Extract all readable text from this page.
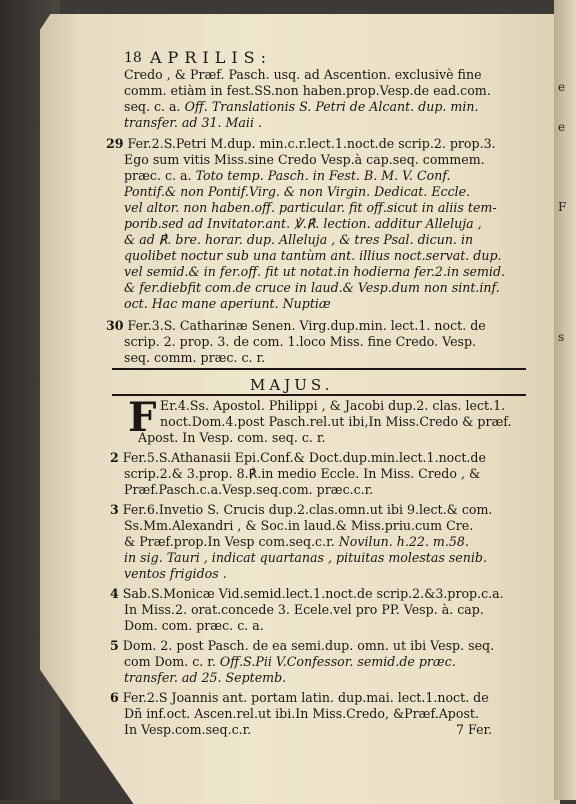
e
e
F
s
18 APRILIS:
MAJUS.
F
7 Fer.
Credo , & Præf. Pasch. usq. ad Ascention. exclusivè fine
comm. etiàm in fest.SS.non haben.prop.Vesp.de ead.com.
seq. c. a. Off. Translationis S. Petri de Alcant. dup. min.
transfer. ad 31. Maii .
29 Fer.2.S.Petri M.dup. min.c.r.lect.1.noct.de scrip.2. prop.3.
Ego sum vitis Miss.sine Credo Vesp.à cap.seq. commem.
præc. c. a. Toto temp. Pasch. in Fest. B. M. V. Conf.
Pontif.& non Pontif.Virg. & non Virgin. Dedicat. Eccle.
vel altor. non haben.off. particular. fit off.sicut in aliis tem-
porib.sed ad Invitator.ant. ℣.℟. lection. additur Alleluja ,
& ad ℟. bre. horar. dup. Alleluja , & tres Psal. dicun. in
quolibet noctur sub una tantùm ant. illius noct.servat. dup.
vel semid.& in fer.off. fit ut notat.in hodierna fer.2.in semid.
& fer.diebfit com.de cruce in laud.& Vesp.dum non sint.inf.
oct. Hac mane aperiunt. Nuptiæ
30 Fer.3.S. Catharinæ Senen. Virg.dup.min. lect.1. noct. de
scrip. 2. prop. 3. de com. 1.loco Miss. fine Credo. Vesp.
seq. comm. præc. c. r.
Er.4.Ss. Apostol. Philippi , & Jacobi dup.2. clas. lect.1.
noct.Dom.4.post Pasch.rel.ut ibi,In Miss.Credo & præf.
Apost. In Vesp. com. seq. c. r.
2 Fer.5.S.Athanasii Epi.Conf.& Doct.dup.min.lect.1.noct.de
scrip.2.& 3.prop. 8.℟.in medio Eccle. In Miss. Credo , &
Præf.Pasch.c.a.Vesp.seq.com. præc.c.r.
3 Fer.6.Invetio S. Crucis dup.2.clas.omn.ut ibi 9.lect.& com.
Ss.Mm.Alexandri , & Soc.in laud.& Miss.priu.cum Cre.
& Præf.prop.In Vesp com.seq.c.r. Novilun. h.22. m.58.
in sig. Tauri , indicat quartanas , pituitas molestas senib.
ventos frigidos .
4 Sab.S.Monicæ Vid.semid.lect.1.noct.de scrip.2.&3.prop.c.a.
In Miss.2. orat.concede 3. Ecele.vel pro PP. Vesp. à. cap.
Dom. com. præc. c. a.
5 Dom. 2. post Pasch. de ea semi.dup. omn. ut ibi Vesp. seq.
com Dom. c. r. Off.S.Pii V.Confessor. semid.de præc.
transfer. ad 25. Septemb.
6 Fer.2.S Joannis ant. portam latin. dup.mai. lect.1.noct. de
Dñ inf.oct. Ascen.rel.ut ibi.In Miss.Credo, &Præf.Apost.
In Vesp.com.seq.c.r.
